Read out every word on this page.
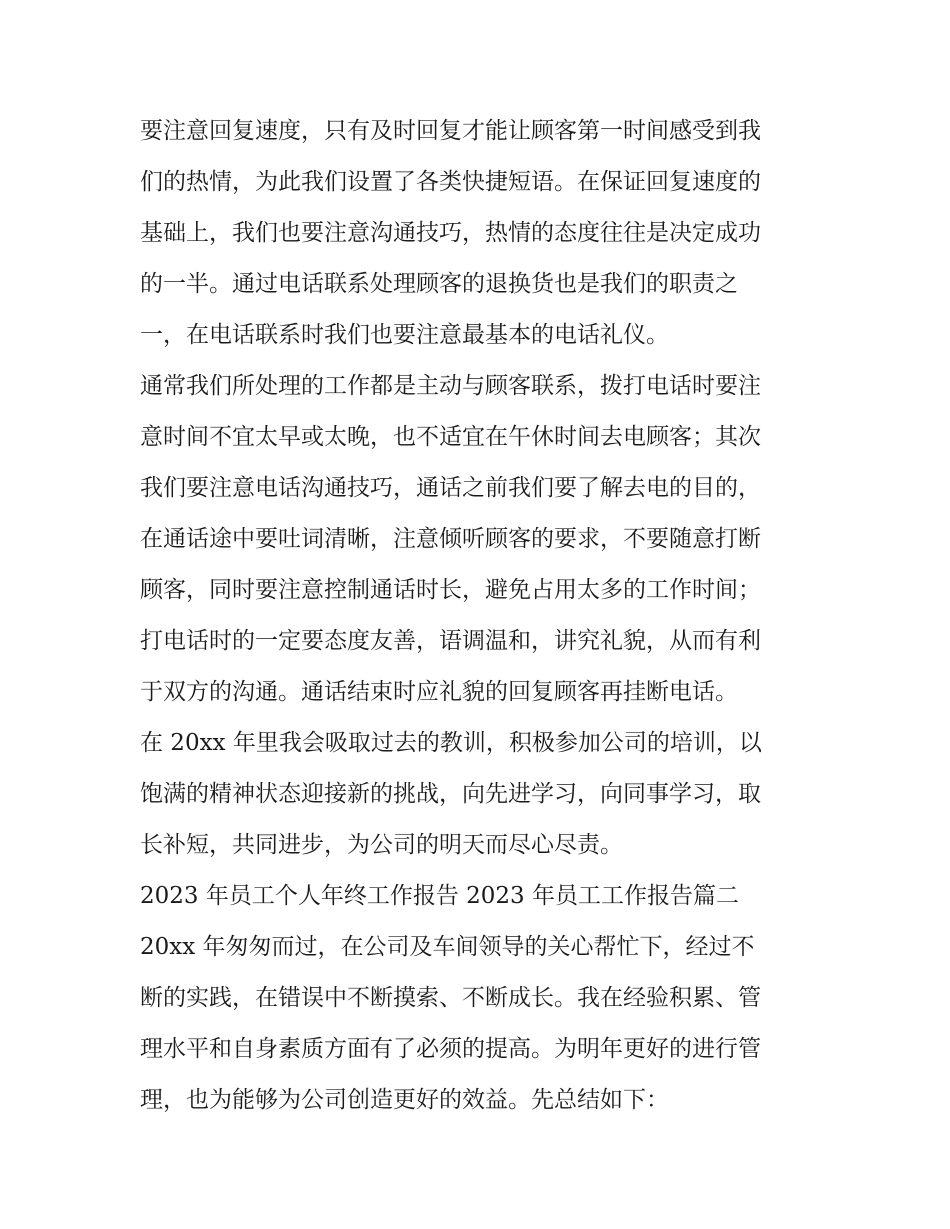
要注意回复速度，只有及时回复才能让顾客第一时间感受到我
们的热情，为此我们设置了各类快捷短语。在保证回复速度的
基础上，我们也要注意沟通技巧，热情的态度往往是决定成功
的一半。通过电话联系处理顾客的退换货也是我们的职责之
一，在电话联系时我们也要注意最基本的电话礼仪。
通常我们所处理的工作都是主动与顾客联系，拨打电话时要注
意时间不宜太早或太晚，也不适宜在午休时间去电顾客；其次
我们要注意电话沟通技巧，通话之前我们要了解去电的目的，
在通话途中要吐词清晰，注意倾听顾客的要求，不要随意打断
顾客，同时要注意控制通话时长，避免占用太多的工作时间；
打电话时的一定要态度友善，语调温和，讲究礼貌，从而有利
于双方的沟通。通话结束时应礼貌的回复顾客再挂断电话。
在 20xx 年里我会吸取过去的教训，积极参加公司的培训，以
饱满的精神状态迎接新的挑战，向先进学习，向同事学习，取
长补短，共同进步，为公司的明天而尽心尽责。
2023 年员工个人年终工作报告 2023 年员工工作报告篇二
20xx 年匆匆而过，在公司及车间领导的关心帮忙下，经过不
断的实践，在错误中不断摸索、不断成长。我在经验积累、管
理水平和自身素质方面有了必须的提高。为明年更好的进行管
理，也为能够为公司创造更好的效益。先总结如下：
